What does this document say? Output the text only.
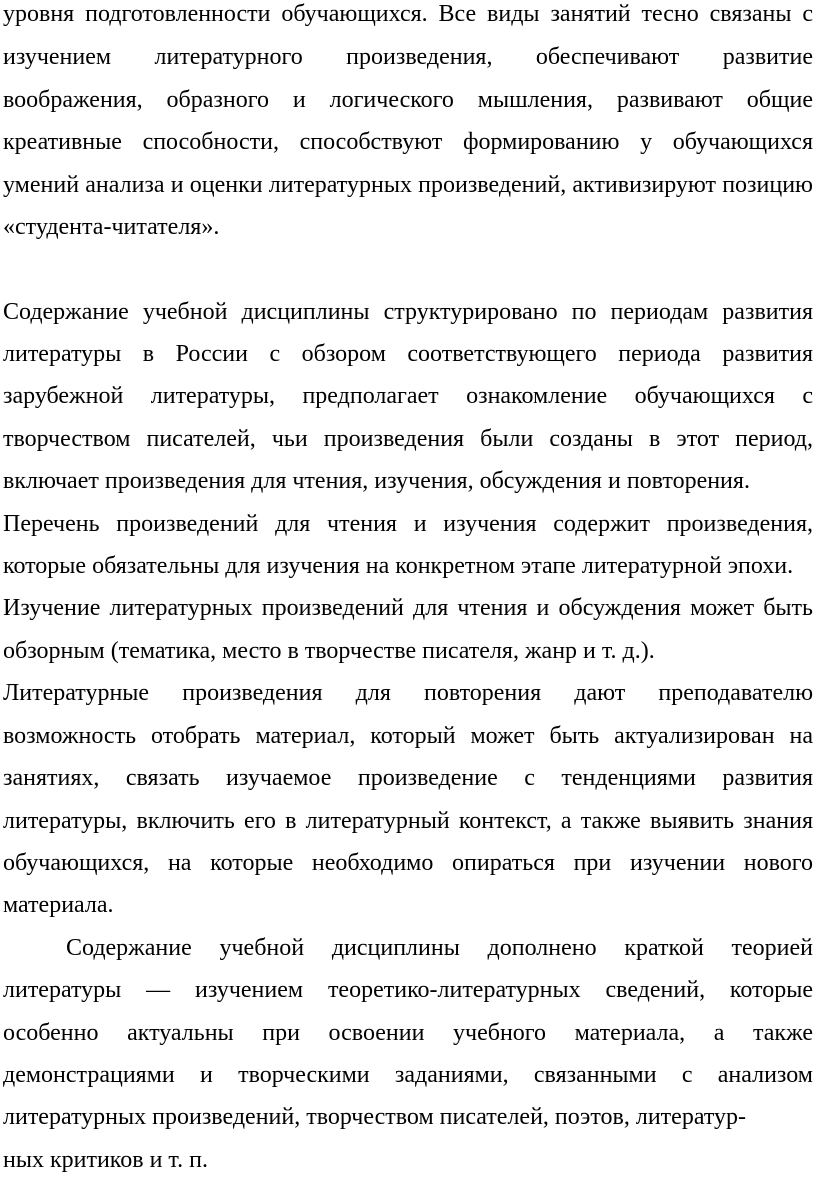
уровня подготовленности обучающихся. Все виды занятий тесно связаны с
изучением литературного произведения, обеспечивают развитие
воображения, образного и логического мышления, развивают общие
креативные способности, способствуют формированию у обучающихся
умений анализа и оценки литературных произведений, активизируют позицию
«студента-читателя».
Содержание учебной дисциплины структурировано по периодам развития
литературы в России с обзором соответствующего периода развития
зарубежной литературы, предполагает ознакомление обучающихся с
творчеством писателей, чьи произведения были созданы в этот период,
включает произведения для чтения, изучения, обсуждения и повторения.
Перечень произведений для чтения и изучения содержит произведения,
которые обязательны для изучения на конкретном этапе литературной эпохи.
Изучение литературных произведений для чтения и обсуждения может быть
обзорным (тематика, место в творчестве писателя, жанр и т. д.).
Литературные произведения для повторения дают преподавателю
возможность отобрать материал, который может быть актуализирован на
занятиях, связать изучаемое произведение с тенденциями развития
литературы, включить его в литературный контекст, а также выявить знания
обучающихся, на которые необходимо опираться при изучении нового
материала.
Содержание учебной дисциплины дополнено краткой теорией
литературы — изучением теоретико-литературных сведений, которые
особенно актуальны при освоении учебного материала, а также
демонстрациями и творческими заданиями, связанными с анализом
литературных произведений, творчеством писателей, поэтов, литератур-
ных критиков и т. п.
